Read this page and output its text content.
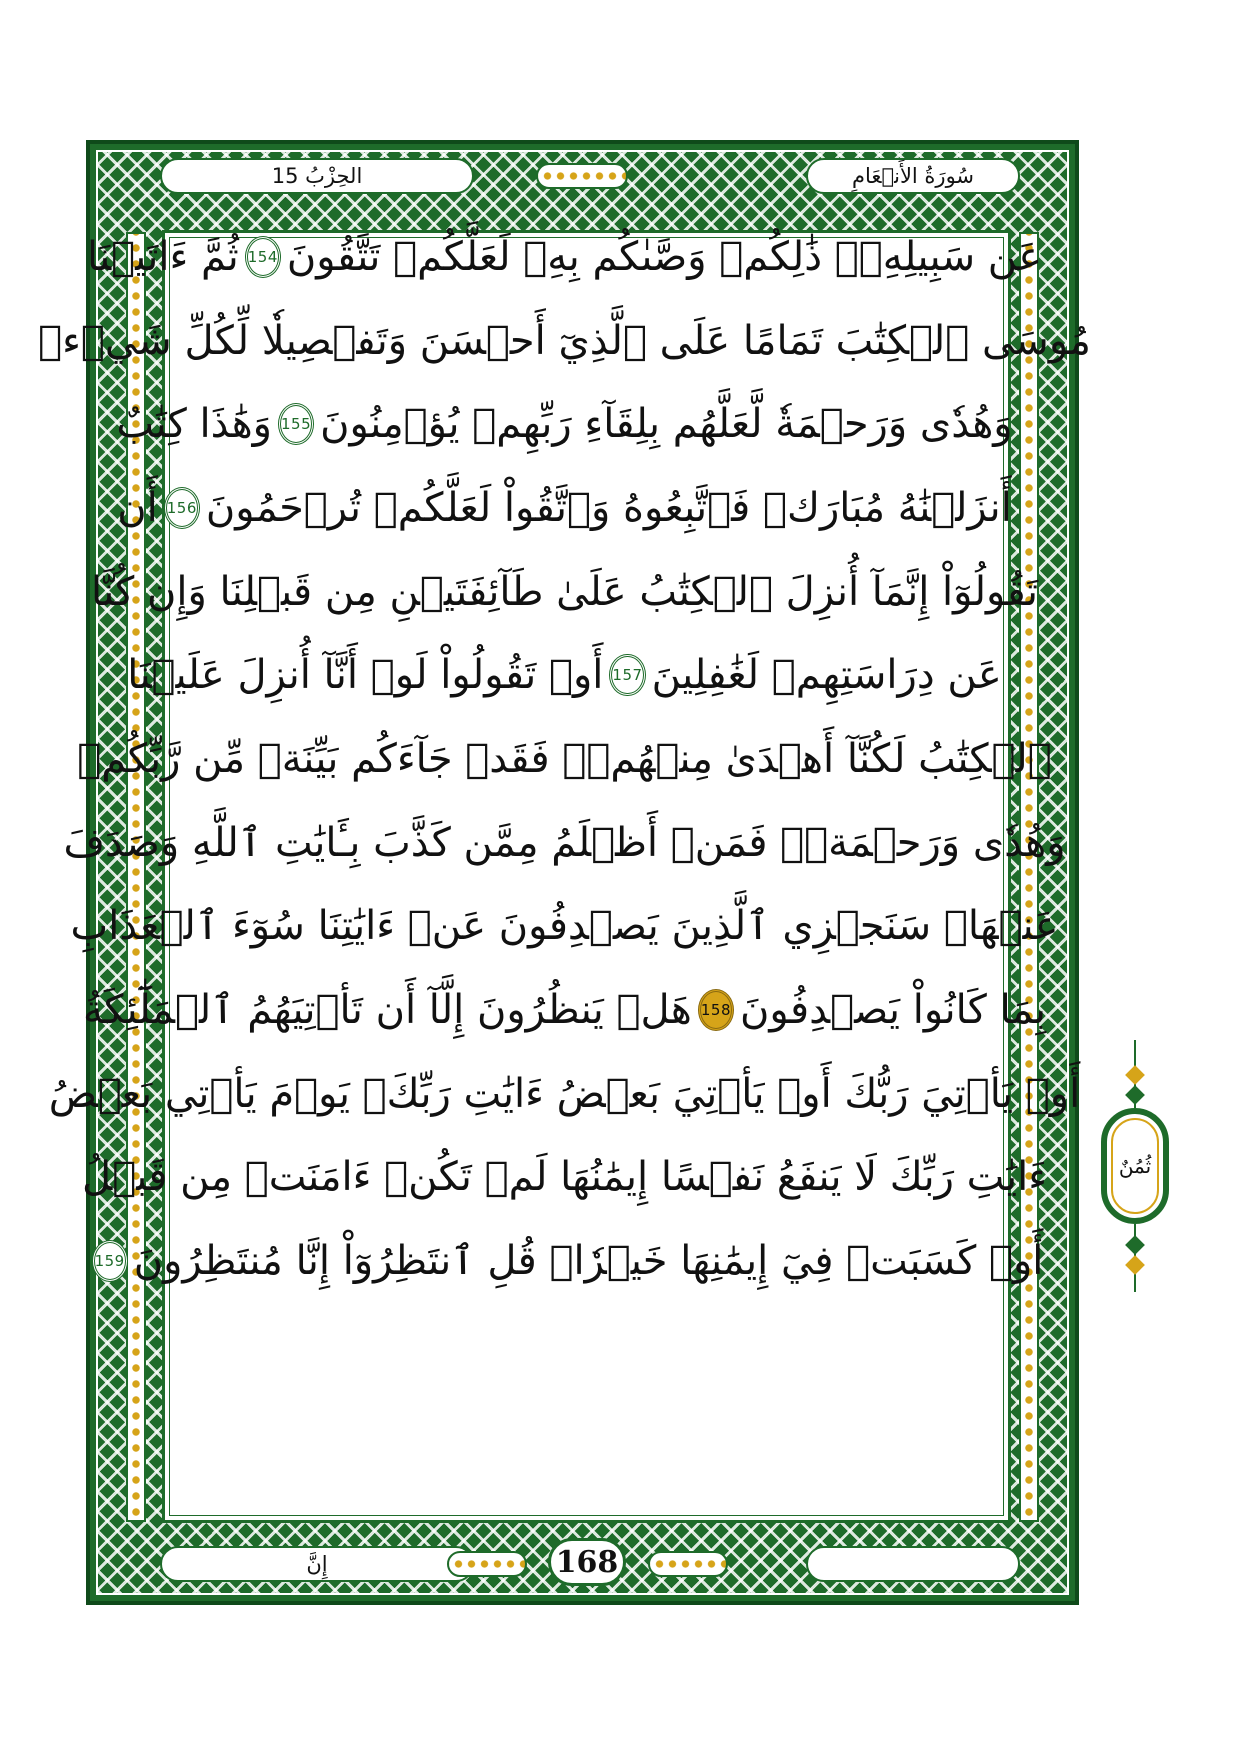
الحِزْبُ 15	سُورَةُ الأَنۡعَامِ
عَن سَبِيلِهِۦۚ ذَٰلِكُمۡ وَصَّىٰكُم بِهِۦ لَعَلَّكُمۡ تَتَّقُونَ
154
ثُمَّ ءَاتَيۡنَا
مُوسَى ٱلۡكِتَٰبَ تَمَامًا عَلَى ٱلَّذِيٓ أَحۡسَنَ وَتَفۡصِيلٗا لِّكُلِّ شَيۡءٖ
وَهُدٗى وَرَحۡمَةٗ لَّعَلَّهُم بِلِقَآءِ رَبِّهِمۡ يُؤۡمِنُونَ
155
وَهَٰذَا كِتَٰبٌ
أَنزَلۡنَٰهُ مُبَارَكٞ فَٱتَّبِعُوهُ وَٱتَّقُواْ لَعَلَّكُمۡ تُرۡحَمُونَ
156
أَن
تَقُولُوٓاْ إِنَّمَآ أُنزِلَ ٱلۡكِتَٰبُ عَلَىٰ طَآئِفَتَيۡنِ مِن قَبۡلِنَا وَإِن كُنَّا
عَن دِرَاسَتِهِمۡ لَغَٰفِلِينَ
157
أَوۡ تَقُولُواْ لَوۡ أَنَّآ أُنزِلَ عَلَيۡنَا
ٱلۡكِتَٰبُ لَكُنَّآ أَهۡدَىٰ مِنۡهُمۡۚ فَقَدۡ جَآءَكُم بَيِّنَةٞ مِّن رَّبِّكُمۡ
وَهُدٗى وَرَحۡمَةٞۚ فَمَنۡ أَظۡلَمُ مِمَّن كَذَّبَ بِـَٔايَٰتِ ٱللَّهِ وَصَدَفَ
عَنۡهَاۗ سَنَجۡزِي ٱلَّذِينَ يَصۡدِفُونَ عَنۡ ءَايَٰتِنَا سُوٓءَ ٱلۡعَذَابِ
بِمَا كَانُواْ يَصۡدِفُونَ
158
هَلۡ يَنظُرُونَ إِلَّآ أَن تَأۡتِيَهُمُ ٱلۡمَلَٰٓئِكَةُ
أَوۡ يَأۡتِيَ رَبُّكَ أَوۡ يَأۡتِيَ بَعۡضُ ءَايَٰتِ رَبِّكَۗ يَوۡمَ يَأۡتِي بَعۡضُ
ءَايَٰتِ رَبِّكَ لَا يَنفَعُ نَفۡسًا إِيمَٰنُهَا لَمۡ تَكُنۡ ءَامَنَتۡ مِن قَبۡلُ
أَوۡ كَسَبَتۡ فِيٓ إِيمَٰنِهَا خَيۡرٗاۗ قُلِ ٱنتَظِرُوٓاْ إِنَّا مُنتَظِرُونَ
159
إِنَّ	168
ثُمُنٌ
